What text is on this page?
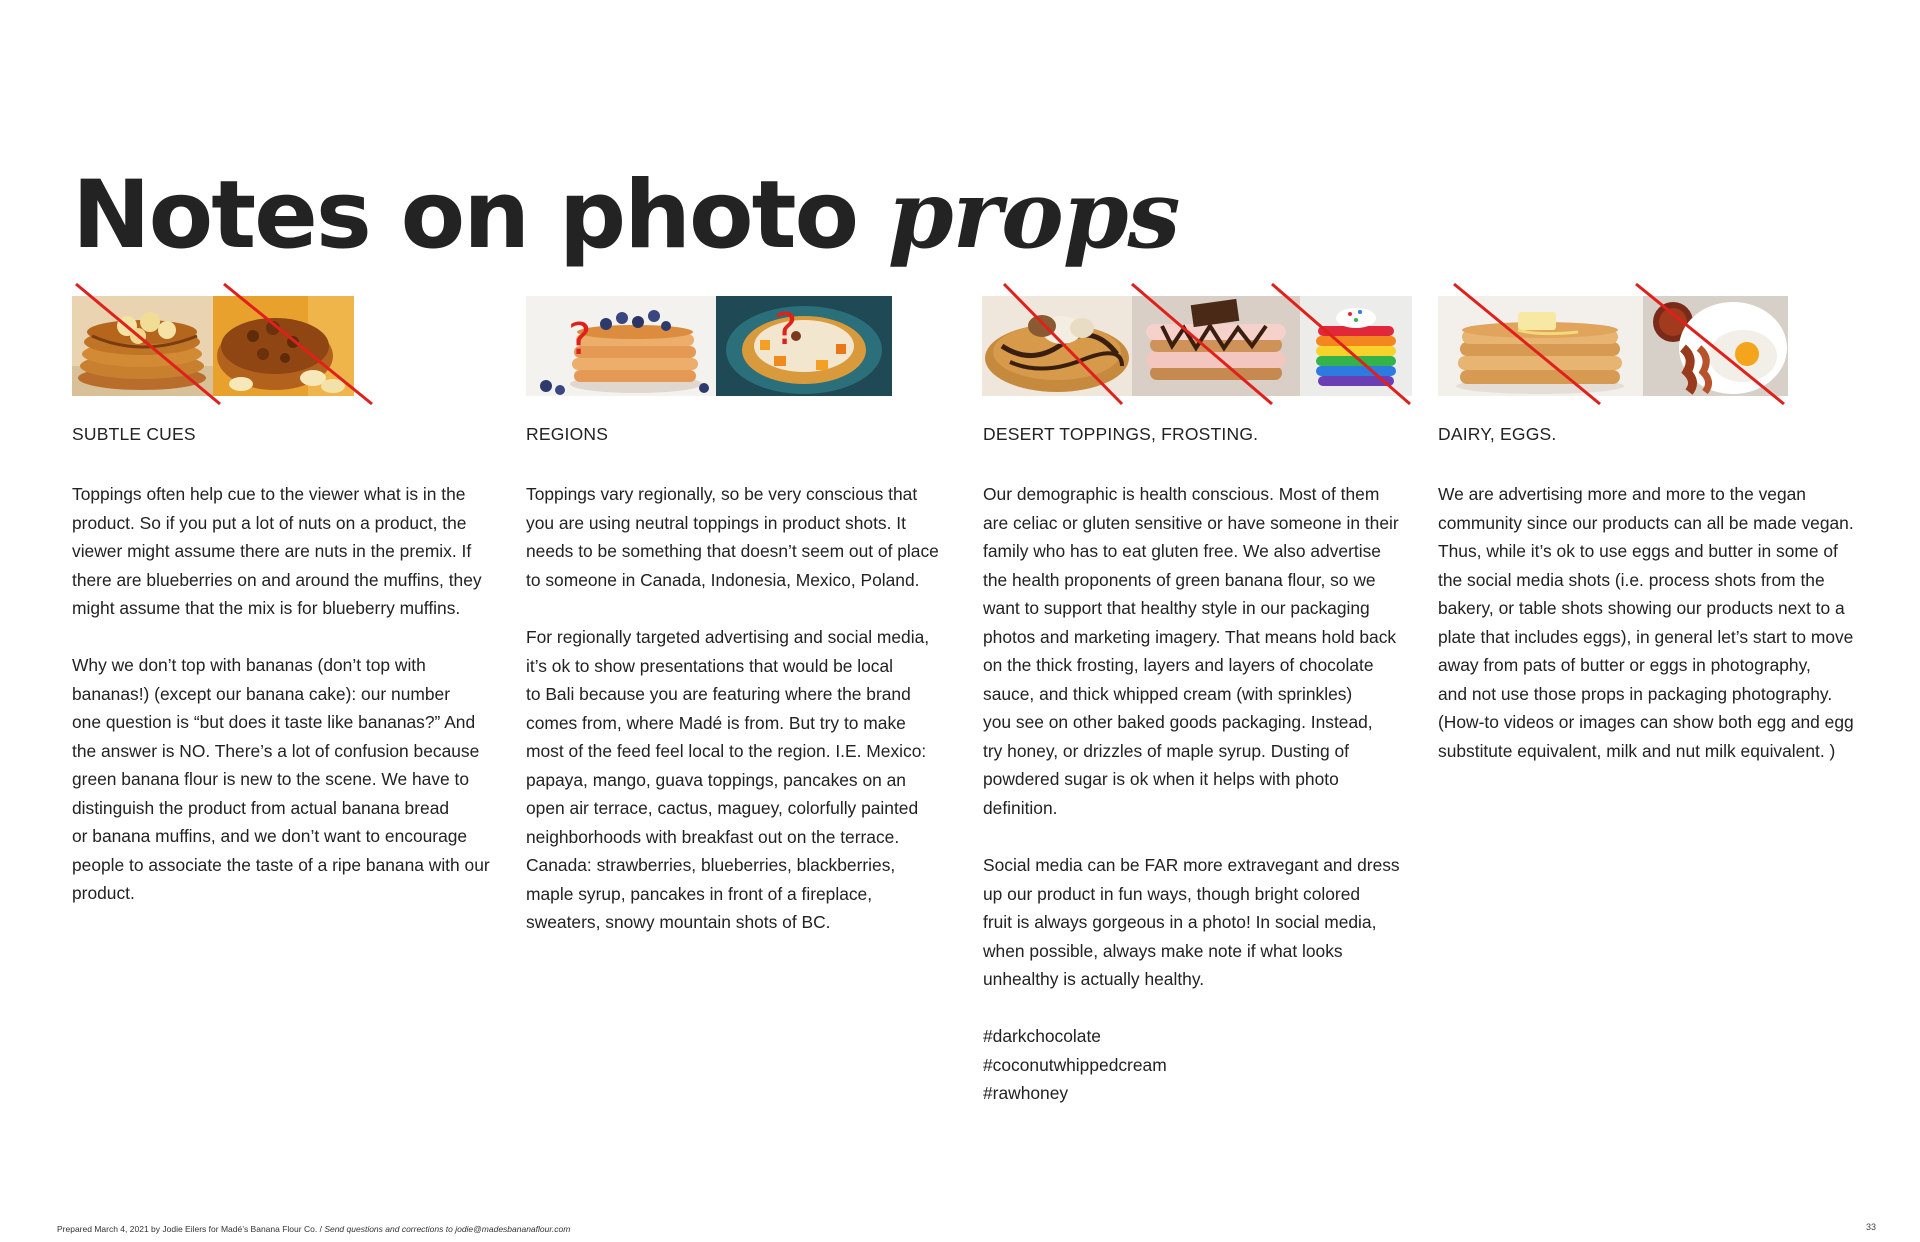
Notes on photo props
SUBTLE CUES
Toppings often help cue to the viewer what is in the
product. So if you put a lot of nuts on a product, the
viewer might assume there are nuts in the premix. If
there are blueberries on and around the muffins, they
might assume that the mix is for blueberry muffins.
Why we don’t top with bananas (don’t top with
bananas!) (except our banana cake): our number
one question is “but does it taste like bananas?” And
the answer is NO. There’s a lot of confusion because
green banana flour is new to the scene. We have to
distinguish the product from actual banana bread
or banana muffins, and we don’t want to encourage
people to associate the taste of a ripe banana with our
product.
?	?
REGIONS
Toppings vary regionally, so be very conscious that
you are using neutral toppings in product shots. It
needs to be something that doesn’t seem out of place
to someone in Canada, Indonesia, Mexico, Poland.
For regionally targeted advertising and social media,
it’s ok to show presentations that would be local
to Bali because you are featuring where the brand
comes from, where Madé is from. But try to make
most of the feed feel local to the region. I.E. Mexico:
papaya, mango, guava toppings, pancakes on an
open air terrace, cactus, maguey, colorfully painted
neighborhoods with breakfast out on the terrace.
Canada: strawberries, blueberries, blackberries,
maple syrup, pancakes in front of a fireplace,
sweaters, snowy mountain shots of BC.
DESERT TOPPINGS, FROSTING.
Our demographic is health conscious. Most of them
are celiac or gluten sensitive or have someone in their
family who has to eat gluten free. We also advertise
the health proponents of green banana flour, so we
want to support that healthy style in our packaging
photos and marketing imagery. That means hold back
on the thick frosting, layers and layers of chocolate
sauce, and thick whipped cream (with sprinkles)
you see on other baked goods packaging. Instead,
try honey, or drizzles of maple syrup. Dusting of
powdered sugar is ok when it helps with photo
definition.
Social media can be FAR more extravegant and dress
up our product in fun ways, though bright colored
fruit is always gorgeous in a photo! In social media,
when possible, always make note if what looks
unhealthy is actually healthy.
#darkchocolate
#coconutwhippedcream
#rawhoney
DAIRY, EGGS.
We are advertising more and more to the vegan
community since our products can all be made vegan.
Thus, while it’s ok to use eggs and butter in some of
the social media shots (i.e. process shots from the
bakery, or table shots showing our products next to a
plate that includes eggs), in general let’s start to move
away from pats of butter or eggs in photography,
and not use those props in packaging photography.
(How-to videos or images can show both egg and egg
substitute equivalent, milk and nut milk equivalent. )
Prepared March 4, 2021 by Jodie Eilers for Madé’s Banana Flour Co. / Send questions and corrections to jodie@madesbananaflour.com	33
